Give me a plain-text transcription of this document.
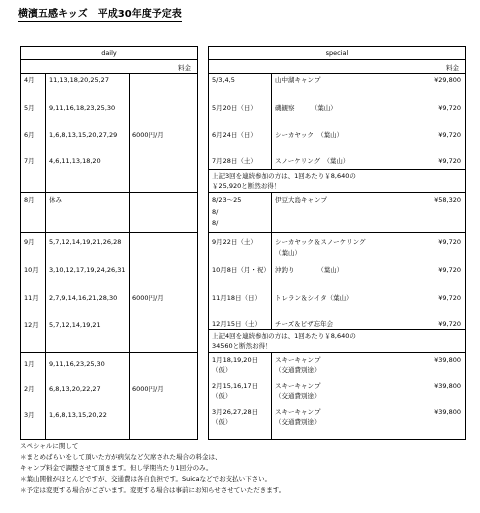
横濱五感キッズ　平成30年度予定表
daily
料金
4月 11,13,18,20,25,27
5月 9,11,16,18,23,25,30
6月 1,6,8,13,15,20,27,29 6000円/月
7月 4,6,11,13,18,20
8月 休み
9月 5,7,12,14,19,21,26,28
10月 3,10,12,17,19,24,26,31
11月 2,7,9,14,16,21,28,30 6000円/月
12月 5,7,12,14,19,21
1月 9,11,16,23,25,30
2月 6,8,13,20,22,27	6000円/月
3月 1,6,8,13,15,20,22
special
料金
5/3,4,5	山中湖キャンプ	¥29,800
5月20日（日）	磯観察　　　（葉山）	¥9,720
6月24日（日）	シーカヤック　（葉山）	¥9,720
7月28日（土）	スノーケリング　（葉山）	¥9,720
上記3回を連続参加の方は、1回あたり￥8,640の
￥25,920と断然お得！
8/23〜25	伊豆大島キャンプ	¥58,320
8/
8/
9月22日（土）	シーカヤック＆スノーケリング	¥9,720
（葉山）
10月8日（月・祝） 沖釣り　　　　（葉山）	¥9,720
11月18日（日） トレラン＆シイタ（葉山）	¥9,720
12月15日（土） チーズ＆ピザ忘年会	¥9,720
上記4回を連続参加の方は、1回あたり￥8,640の
34560と断然お得！
1月18,19,20日	スキーキャンプ	¥39,800
（仮）	（交通費別途）
2月15,16,17日	スキーキャンプ	¥39,800
（仮）	（交通費別途）
3月26,27,28日	スキーキャンプ	¥39,800
（仮）	（交通費別途）
スペシャルに関して
＊まとめばらいをして頂いた方が病気など欠席された場合の料金は、
キャンプ料金で調整させて頂きます。但し学期当たり1回分のみ。
＊葉山開催がほとんどですが、交通費は各自負担です。Suicaなどでお支払い下さい。
＊予定は変更する場合がございます。変更する場合は事前にお知らせさせていただきます。
